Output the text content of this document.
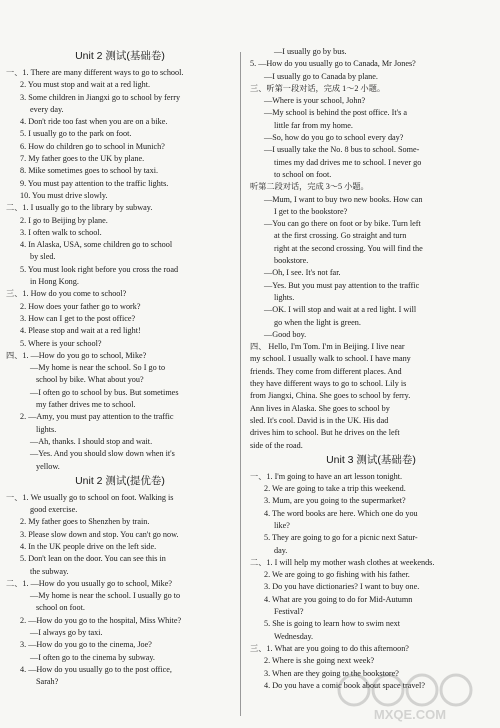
Unit 2 测试(基础卷)
一、1. There are many different ways to go to school.
2. You must stop and wait at a red light.
3. Some children in Jiangxi go to school by ferry
every day.
4. Don't ride too fast when you are on a bike.
5. I usually go to the park on foot.
6. How do children go to school in Munich?
7. My father goes to the UK by plane.
8. Mike sometimes goes to school by taxi.
9. You must pay attention to the traffic lights.
10. You must drive slowly.
二、1. I usually go to the library by subway.
2. I go to Beijing by plane.
3. I often walk to school.
4. In Alaska, USA, some children go to school
by sled.
5. You must look right before you cross the road
in Hong Kong.
三、1. How do you come to school?
2. How does your father go to work?
3. How can I get to the post office?
4. Please stop and wait at a red light!
5. Where is your school?
四、1. —How do you go to school, Mike?
—My home is near the school. So I go to
school by bike. What about you?
—I often go to school by bus. But sometimes
my father drives me to school.
2. —Amy, you must pay attention to the traffic
lights.
—Ah, thanks. I should stop and wait.
—Yes. And you should slow down when it's
yellow.
Unit 2 测试(提优卷)
一、1. We usually go to school on foot. Walking is
good exercise.
2. My father goes to Shenzhen by train.
3. Please slow down and stop. You can't go now.
4. In the UK people drive on the left side.
5. Don't lean on the door. You can see this in
the subway.
二、1. —How do you usually go to school, Mike?
—My home is near the school. I usually go to
school on foot.
2. —How do you go to the hospital, Miss White?
—I always go by taxi.
3. —How do you go to the cinema, Joe?
—I often go to the cinema by subway.
4. —How do you usually go to the post office,
Sarah?
—I usually go by bus.
5. —How do you usually go to Canada, Mr Jones?
—I usually go to Canada by plane.
三、听第一段对话，完成 1～2 小题。
—Where is your school, John?
—My school is behind the post office. It's a
little far from my home.
—So, how do you go to school every day?
—I usually take the No. 8 bus to school. Some-
times my dad drives me to school. I never go
to school on foot.
听第二段对话，完成 3～5 小题。
—Mum, I want to buy two new books. How can
I get to the bookstore?
—You can go there on foot or by bike. Turn left
at the first crossing. Go straight and turn
right at the second crossing. You will find the
bookstore.
—Oh, I see. It's not far.
—Yes. But you must pay attention to the traffic
lights.
—OK. I will stop and wait at a red light. I will
go when the light is green.
—Good boy.
四、 Hello, I'm Tom. I'm in Beijing. I live near
my school. I usually walk to school. I have many
friends. They come from different places. And
they have different ways to go to school. Lily is
from Jiangxi, China. She goes to school by ferry.
Ann lives in Alaska. She goes to school by
sled. It's cool. David is in the UK. His dad
drives him to school. But he drives on the left
side of the road.
Unit 3 测试(基础卷)
一、1. I'm going to have an art lesson tonight.
2. We are going to take a trip this weekend.
3. Mum, are you going to the supermarket?
4. The word books are here. Which one do you
like?
5. They are going to go for a picnic next Satur-
day.
二、1. I will help my mother wash clothes at weekends.
2. We are going to go fishing with his father.
3. Do you have dictionaries? I want to buy one.
4. What are you going to do for Mid-Autumn
Festival?
5. She is going to learn how to swim next
Wednesday.
三、1. What are you going to do this afternoon?
2. Where is she going next week?
3. When are they going to the bookstore?
4. Do you have a comic book about space travel?
MXQE.COM
